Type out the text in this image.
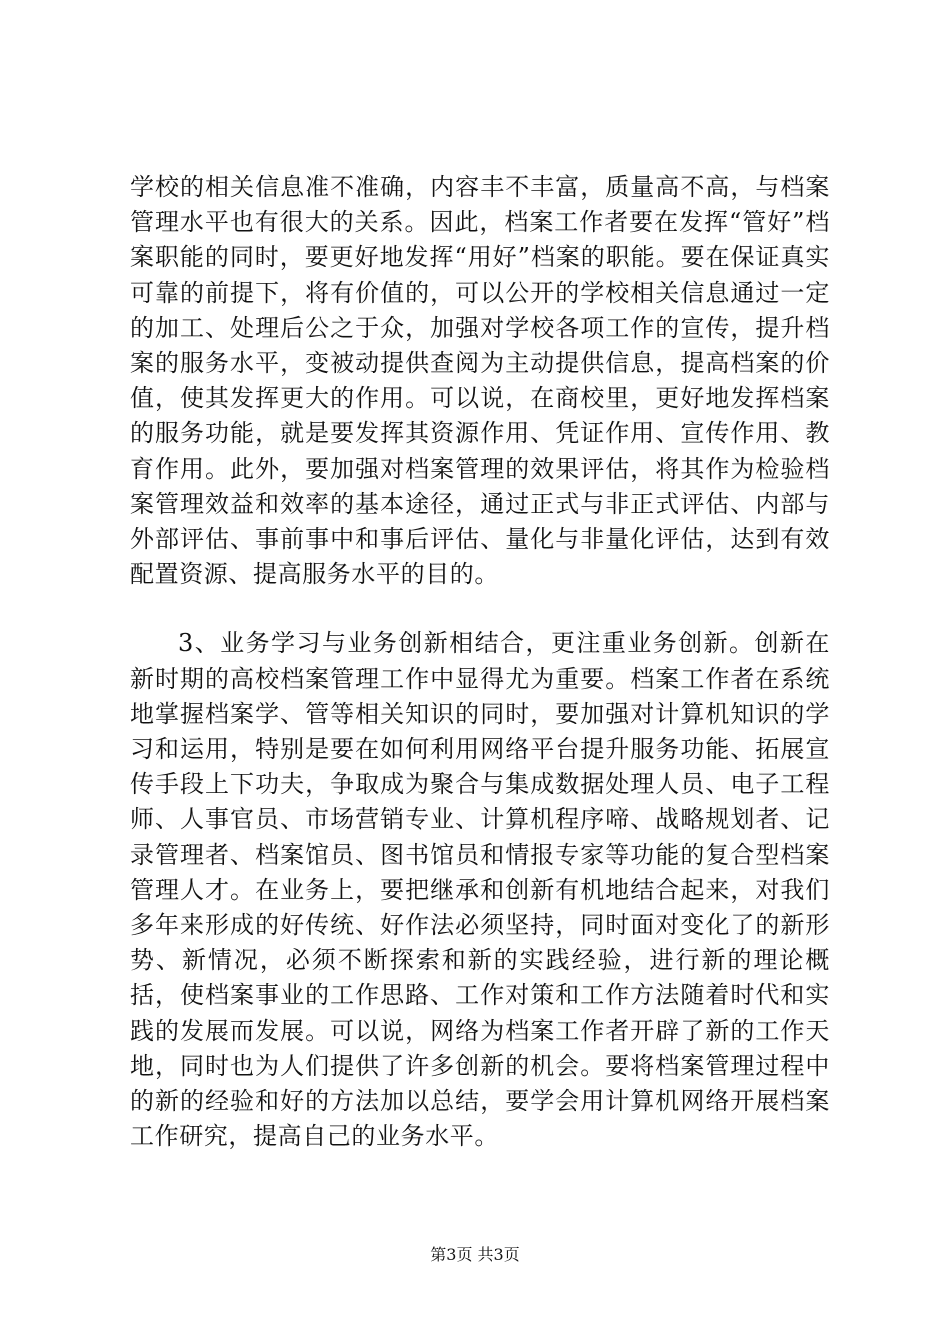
学校的相关信息准不准确，内容丰不丰富，质量高不高，与档案管理水平也有很大的关系。因此，档案工作者要在发挥“管好”档案职能的同时，要更好地发挥“用好”档案的职能。要在保证真实可靠的前提下，将有价值的，可以公开的学校相关信息通过一定的加工、处理后公之于众，加强对学校各项工作的宣传，提升档案的服务水平，变被动提供查阅为主动提供信息，提高档案的价值，使其发挥更大的作用。可以说，在商校里，更好地发挥档案的服务功能，就是要发挥其资源作用、凭证作用、宣传作用、教育作用。此外，要加强对档案管理的效果评估，将其作为检验档案管理效益和效率的基本途径，通过正式与非正式评估、内部与外部评估、事前事中和事后评估、量化与非量化评估，达到有效配置资源、提高服务水平的目的。

3、业务学习与业务创新相结合，更注重业务创新。创新在新时期的高校档案管理工作中显得尤为重要。档案工作者在系统地掌握档案学、管等相关知识的同时，要加强对计算机知识的学习和运用，特别是要在如何利用网络平台提升服务功能、拓展宣传手段上下功夫，争取成为聚合与集成数据处理人员、电子工程师、人事官员、市场营销专业、计算机程序啼、战略规划者、记录管理者、档案馆员、图书馆员和情报专家等功能的复合型档案管理人才。在业务上，要把继承和创新有机地结合起来，对我们多年来形成的好传统、好作法必须坚持，同时面对变化了的新形势、新情况，必须不断探索和新的实践经验，进行新的理论概括，使档案事业的工作思路、工作对策和工作方法随着时代和实践的发展而发展。可以说，网络为档案工作者开辟了新的工作天地，同时也为人们提供了许多创新的机会。要将档案管理过程中的新的经验和好的方法加以总结，要学会用计算机网络开展档案工作研究，提高自己的业务水平。

第3页 共3页
